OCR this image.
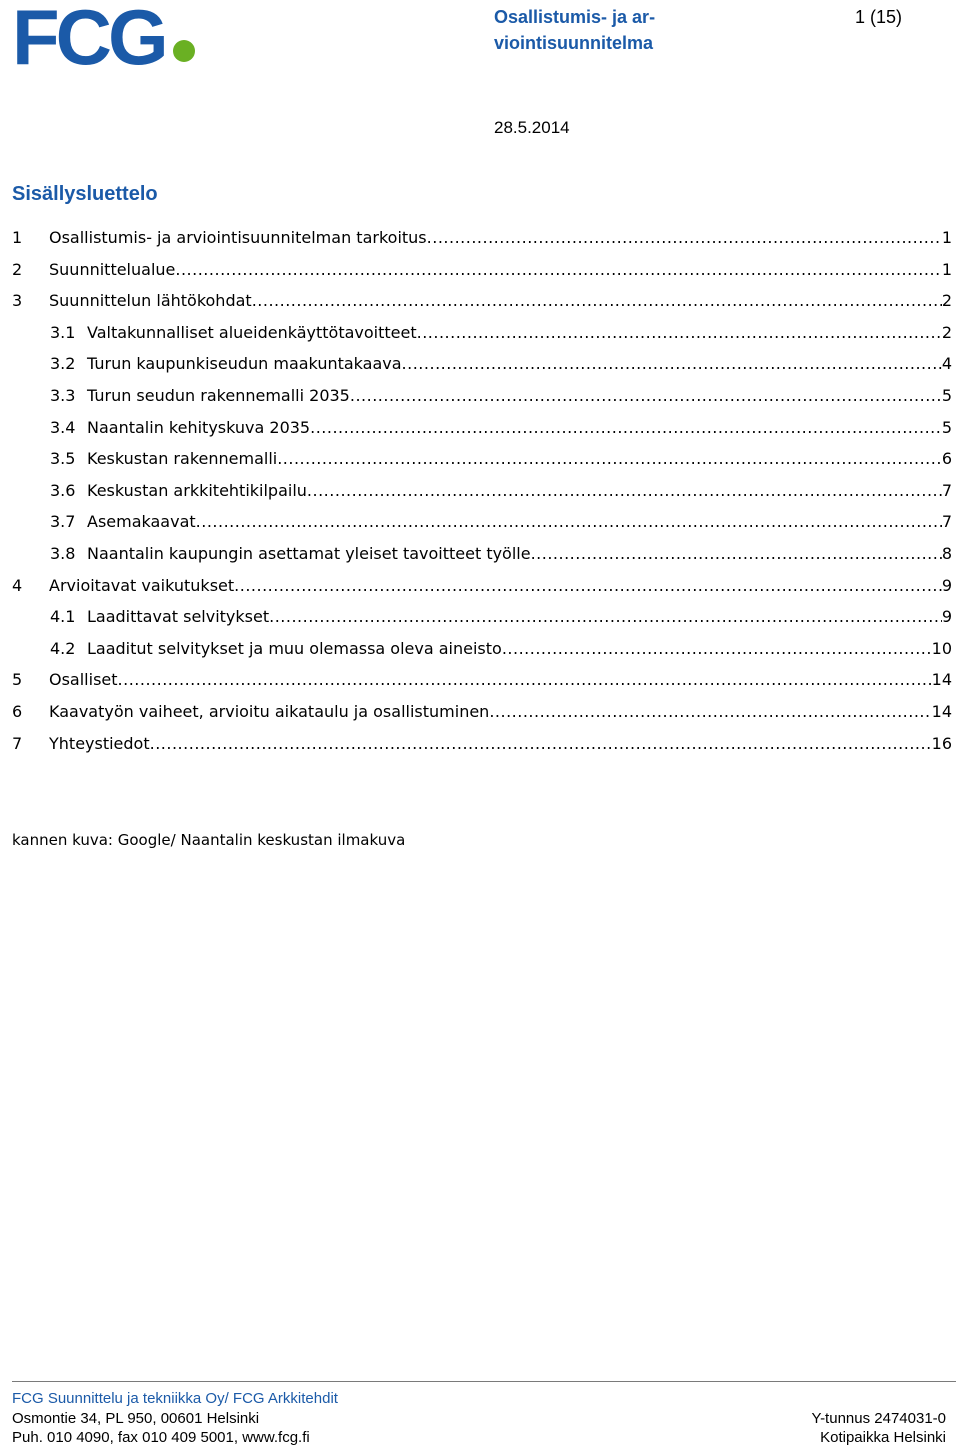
FCG	Osallistumis- ja ar-
viointisuunnitelma
1 (15)
28.5.2014
Sisällysluettelo
1	Osallistumis- ja arviointisuunnitelman tarkoitus .....	1
2	Suunnittelualue .....	1
3	Suunnittelun lähtökohdat .....	2
3.1 Valtakunnalliset alueidenkäyttötavoitteet .....	2
3.2 Turun kaupunkiseudun maakuntakaava .....	4
3.3 Turun seudun rakennemalli 2035 .....	5
3.4 Naantalin kehityskuva 2035 .....	5
3.5 Keskustan rakennemalli .....	6
3.6 Keskustan arkkitehtikilpailu .....	7
3.7 Asemakaavat .....	7
3.8 Naantalin kaupungin asettamat yleiset tavoitteet työlle .....	8
4	Arvioitavat vaikutukset .....	9
4.1 Laadittavat selvitykset .....	9
4.2 Laaditut selvitykset ja muu olemassa oleva aineisto .....	10
5	Osalliset .....	14
6	Kaavatyön vaiheet, arvioitu aikataulu ja osallistuminen .....	14
7	Yhteystiedot .....	16
kannen kuva: Google/ Naantalin keskustan ilmakuva
FCG Suunnittelu ja tekniikka Oy/ FCG Arkkitehdit
Osmontie 34, PL 950, 00601 Helsinki
Puh. 010 4090, fax 010 409 5001, www.fcg.fi
Y-tunnus 2474031-0
Kotipaikka Helsinki
